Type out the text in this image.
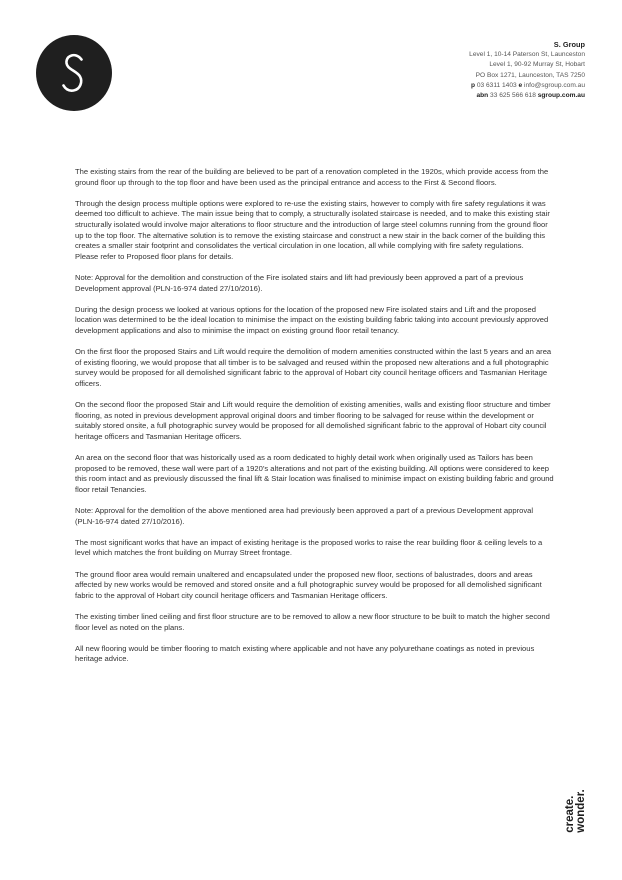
S. Group
Level 1, 10-14 Paterson St, Launceston
Level 1, 90-92 Murray St, Hobart
PO Box 1271, Launceston, TAS 7250
p 03 6311 1403 e info@sgroup.com.au
abn 33 625 566 618 sgroup.com.au

The existing stairs from the rear of the building are believed to be part of a renovation completed in the 1920s, which provide access from the ground floor up through to the top floor and have been used as the principal entrance and access to the First & Second floors.

Through the design process multiple options were explored to re-use the existing stairs, however to comply with fire safety regulations it was deemed too difficult to achieve. The main issue being that to comply, a structurally isolated staircase is needed, and to make this existing stair structurally isolated would involve major alterations to floor structure and the introduction of large steel columns running from the ground floor up to the top floor. The alternative solution is to remove the existing staircase and construct a new stair in the back corner of the building this creates a smaller stair footprint and consolidates the vertical circulation in one location, all while complying with fire safety regulations.

Please refer to Proposed floor plans for details.

Note: Approval for the demolition and construction of the Fire isolated stairs and lift had previously been approved a part of a previous Development approval (PLN-16-974 dated 27/10/2016).

During the design process we looked at various options for the location of the proposed new Fire isolated stairs and Lift and the proposed location was determined to be the ideal location to minimise the impact on the existing building fabric taking into account previously approved development applications and also to minimise the impact on existing ground floor retail tenancy.

On the first floor the proposed Stairs and Lift would require the demolition of modern amenities constructed within the last 5 years and an area of existing flooring, we would propose that all timber is to be salvaged and reused within the proposed new alterations and a full photographic survey would be proposed for all demolished significant fabric to the approval of Hobart city council heritage officers and Tasmanian Heritage officers.

On the second floor the proposed Stair and Lift would require the demolition of existing amenities, walls and existing floor structure and timber flooring, as noted in previous development approval original doors and timber flooring to be salvaged for reuse within the development or suitably stored onsite, a full photographic survey would be proposed for all demolished significant fabric to the approval of Hobart city council heritage officers and Tasmanian Heritage officers.

An area on the second floor that was historically used as a room dedicated to highly detail work when originally used as Tailors has been proposed to be removed, these wall were part of a 1920’s alterations and not part of the existing building. All options were considered to keep this room intact and as previously discussed the final lift & Stair location was finalised to minimise impact on existing building fabric and ground floor retail Tenancies.

Note: Approval for the demolition of the above mentioned area had previously been approved a part of a previous Development approval (PLN-16-974 dated 27/10/2016).

The most significant works that have an impact of existing heritage is the proposed works to raise the rear building floor & ceiling levels to a level which matches the front building on Murray Street frontage.

The ground floor area would remain unaltered and encapsulated under the proposed new floor, sections of balustrades, doors and areas affected by new works would be removed and stored onsite and a full photographic survey would be proposed for all demolished significant fabric to the approval of Hobart city council heritage officers and Tasmanian Heritage officers.

The existing timber lined ceiling and first floor structure are to be removed to allow a new floor structure to be built to match the higher second floor level as noted on the plans.

All new flooring would be timber flooring to match existing where applicable and not have any polyurethane coatings as noted in previous heritage advice.

create. wonder.
